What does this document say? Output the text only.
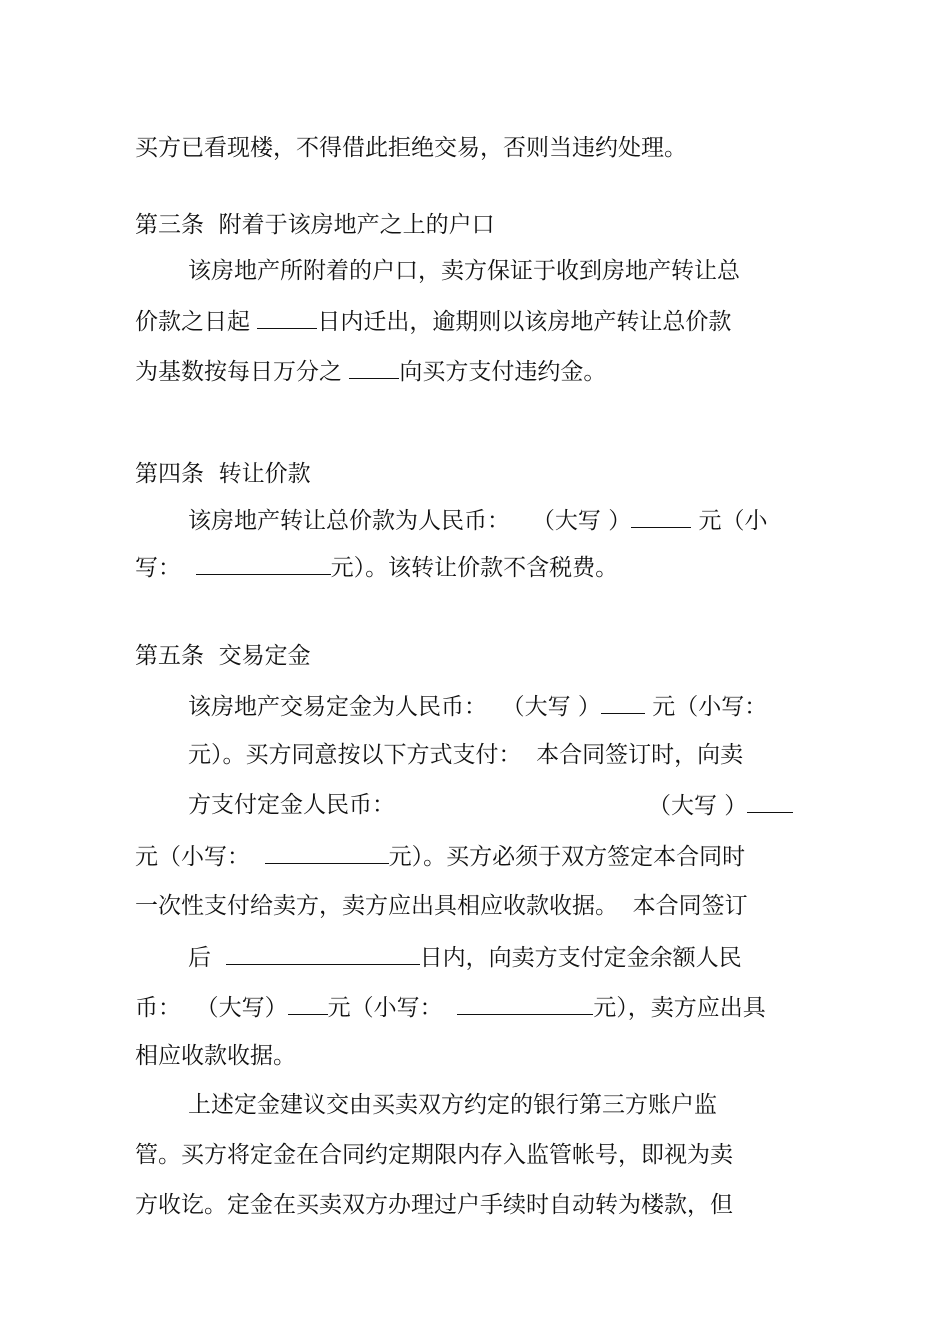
买方已看现楼，不得借此拒绝交易，否则当违约处理。
第三条  附着于该房地产之上的户口
该房地产所附着的户口，卖方保证于收到房地产转让总
价款之日起	日内迁出，逾期则以该房地产转让总价款
为基数按每日万分之 向买方支付违约金。
第四条  转让价款
该房地产转让总价款为人民币：   （大写 ）	元（小
写：	元）。该转让价款不含税费。
第五条  交易定金
该房地产交易定金为人民币：  （大写 ） 元（小写：
元）。买方同意按以下方式支付：  本合同签订时，向卖
方支付定金人民币：	（大写 ）
元（小写：	元）。买方必须于双方签定本合同时
一次性支付给卖方，卖方应出具相应收款收据。  本合同签订
后	日内，向卖方支付定金余额人民
币：  （大写） 元（小写：	元），卖方应出具
相应收款收据。
上述定金建议交由买卖双方约定的银行第三方账户监
管。买方将定金在合同约定期限内存入监管帐号，即视为卖
方收讫。定金在买卖双方办理过户手续时自动转为楼款，但
